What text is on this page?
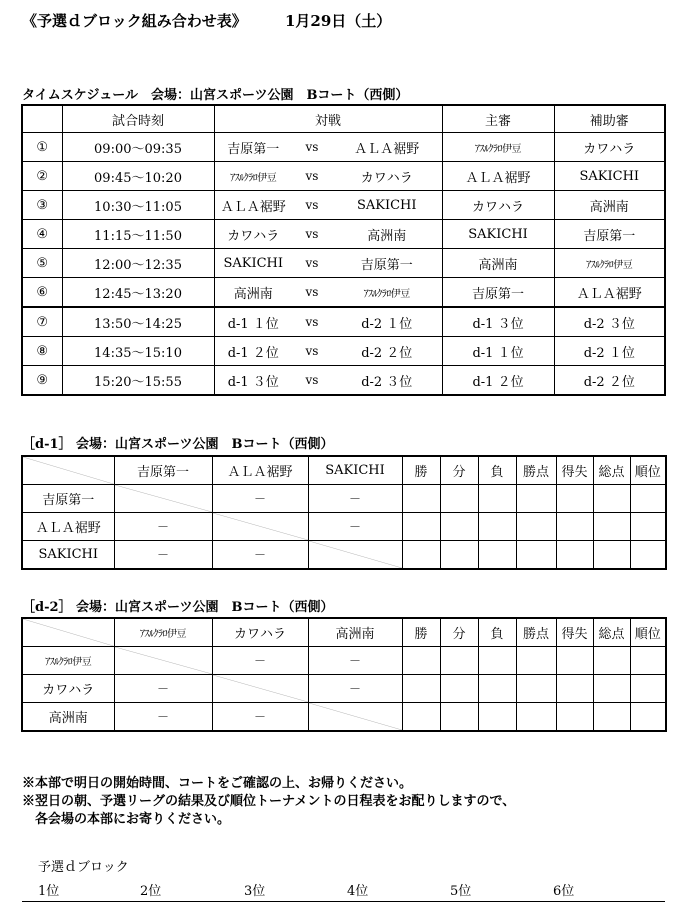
《予選ｄブロック組み合わせ表》	1月29日（土）
タイムスケジュール　会場：山宮スポーツ公園　Bコート（西側）
	試合時刻	対戦			主審	補助審
①	09:00〜09:35	吉原第一	vs	ＡＬＡ裾野	ｱｽﾙｸﾗﾛ伊豆	カワハラ
②	09:45〜10:20	ｱｽﾙｸﾗﾛ伊豆	vs	カワハラ	ＡＬＡ裾野	SAKICHI
③	10:30〜11:05	ＡＬＡ裾野	vs	SAKICHI	カワハラ	高洲南
④	11:15〜11:50	カワハラ	vs	高洲南	SAKICHI	吉原第一
⑤	12:00〜12:35	SAKICHI	vs	吉原第一	高洲南	ｱｽﾙｸﾗﾛ伊豆
⑥	12:45〜13:20	高洲南	vs	ｱｽﾙｸﾗﾛ伊豆	吉原第一	ＡＬＡ裾野
⑦	13:50〜14:25	d-1 １位	vs	d-2 １位	d-1 ３位	d-2 ３位
⑧	14:35〜15:10	d-1 ２位	vs	d-2 ２位	d-1 １位	d-2 １位
⑨	15:20〜15:55	d-1 ３位	vs	d-2 ３位	d-1 ２位	d-2 ２位
［d-1］ 会場：山宮スポーツ公園　Bコート（西側）
	吉原第一	ＡＬＡ裾野	SAKICHI	勝	分	負	勝点	得失	総点	順位
吉原第一		－	－							
ＡＬＡ裾野	－		－							
SAKICHI	－	－	

［d-2］ 会場：山宮スポーツ公園　Bコート（西側）
	ｱｽﾙｸﾗﾛ伊豆	カワハラ	高洲南	勝	分	負	勝点	得失	総点	順位
ｱｽﾙｸﾗﾛ伊豆		－	－							
カワハラ	－		－							
高洲南	－	－	

※本部で明日の開始時間、コートをご確認の上、お帰りください。
※翌日の朝、予選リーグの結果及び順位トーナメントの日程表をお配りしますので、
　各会場の本部にお寄りください。
予選ｄブロック
1位	2位	3位	4位	5位	6位
